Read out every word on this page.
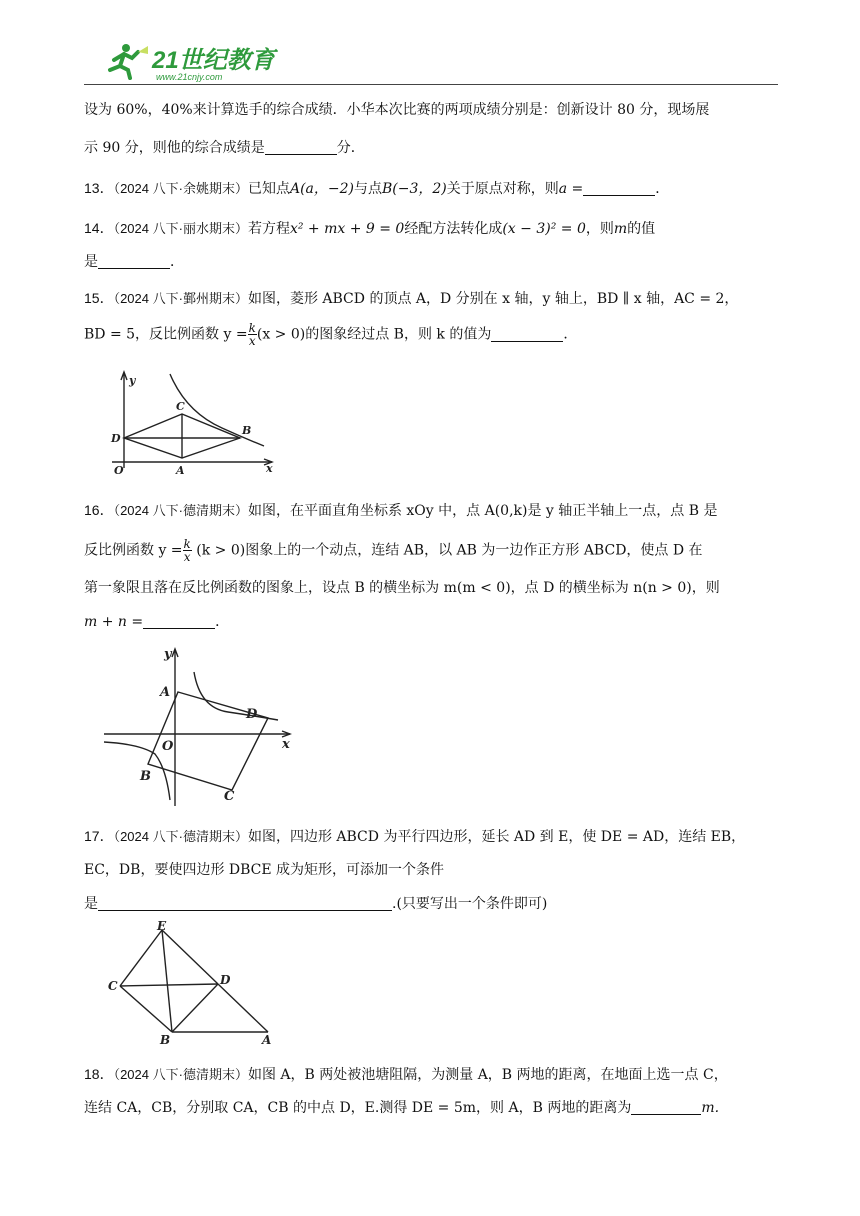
21世纪教育
www.21cnjy.com
设为 60%，40%来计算选手的综合成绩．小华本次比赛的两项成绩分别是：创新设计 80 分，现场展
示 90 分，则他的综合成绩是	分．
13．（2024 八下·余姚期末）已知点A(a，−2)与点B(−3，2)关于原点对称，则a =	．
14．（2024 八下·丽水期末）若方程x² + mx + 9 = 0经配方法转化成(x − 3)² = 0，则m的值
是	．
15．（2024 八下·鄞州期末）如图，菱形 ABCD 的顶点 A，D 分别在 x 轴，y 轴上，BD ∥ x 轴，AC = 2，
BD = 5，反比例函数 $y = \frac{k}{x} (x > 0)$的图象经过点 B，则 k 的值为	．
y
C
D
B
O	A	x
16．（2024 八下·德清期末）如图，在平面直角坐标系 xOy 中，点 A(0,k)是 y 轴正半轴上一点，点 B 是
反比例函数 $y = \frac{k}{x} (k > 0)$图象上的一个动点，连结 AB，以 AB 为一边作正方形 ABCD，使点 D 在
第一象限且落在反比例函数的图象上，设点 B 的横坐标为 m(m < 0)，点 D 的横坐标为 n(n > 0)，则
m + n =	．
y
A
D
O	x
B
C
17．（2024 八下·德清期末）如图，四边形 ABCD 为平行四边形，延长 AD 到 E，使 DE = AD，连结 EB，
EC，DB，要使四边形 DBCE 成为矩形，可添加一个条件
是	.(只要写出一个条件即可)
E
C	D
B	A
18．（2024 八下·德清期末）如图 A，B 两处被池塘阻隔，为测量 A，B 两地的距离，在地面上选一点 C，
连结 CA，CB，分别取 CA，CB 的中点 D，E.测得 DE = 5m，则 A，B 两地的距离为	m.
